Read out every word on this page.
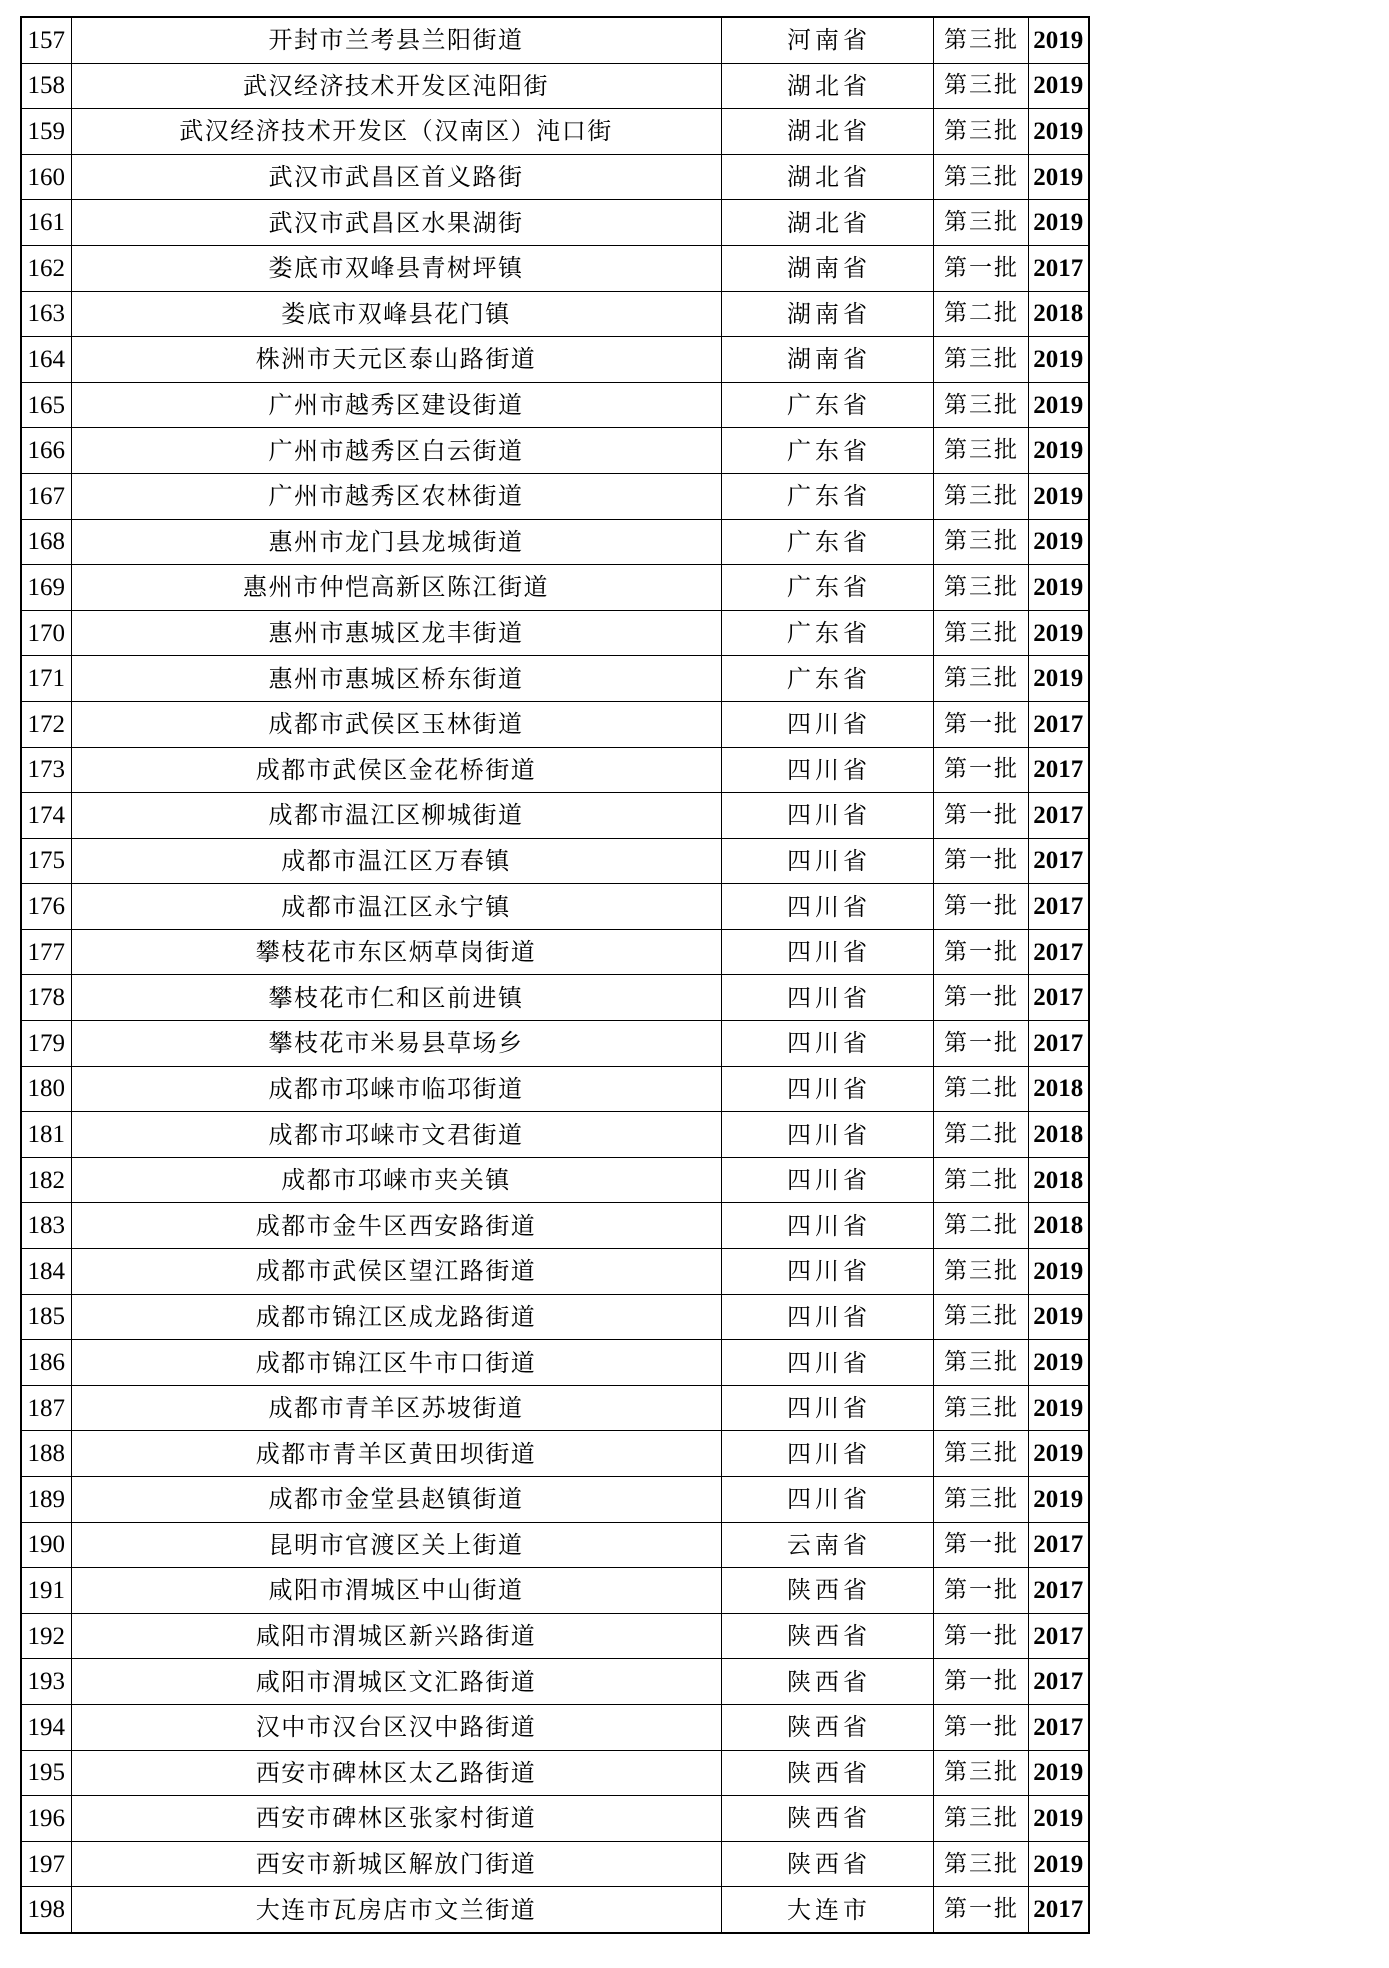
157	开封市兰考县兰阳街道	河南省	第三批	2019
158	武汉经济技术开发区沌阳街	湖北省	第三批	2019
159	武汉经济技术开发区（汉南区）沌口街	湖北省	第三批	2019
160	武汉市武昌区首义路街	湖北省	第三批	2019
161	武汉市武昌区水果湖街	湖北省	第三批	2019
162	娄底市双峰县青树坪镇	湖南省	第一批	2017
163	娄底市双峰县花门镇	湖南省	第二批	2018
164	株洲市天元区泰山路街道	湖南省	第三批	2019
165	广州市越秀区建设街道	广东省	第三批	2019
166	广州市越秀区白云街道	广东省	第三批	2019
167	广州市越秀区农林街道	广东省	第三批	2019
168	惠州市龙门县龙城街道	广东省	第三批	2019
169	惠州市仲恺高新区陈江街道	广东省	第三批	2019
170	惠州市惠城区龙丰街道	广东省	第三批	2019
171	惠州市惠城区桥东街道	广东省	第三批	2019
172	成都市武侯区玉林街道	四川省	第一批	2017
173	成都市武侯区金花桥街道	四川省	第一批	2017
174	成都市温江区柳城街道	四川省	第一批	2017
175	成都市温江区万春镇	四川省	第一批	2017
176	成都市温江区永宁镇	四川省	第一批	2017
177	攀枝花市东区炳草岗街道	四川省	第一批	2017
178	攀枝花市仁和区前进镇	四川省	第一批	2017
179	攀枝花市米易县草场乡	四川省	第一批	2017
180	成都市邛崃市临邛街道	四川省	第二批	2018
181	成都市邛崃市文君街道	四川省	第二批	2018
182	成都市邛崃市夹关镇	四川省	第二批	2018
183	成都市金牛区西安路街道	四川省	第二批	2018
184	成都市武侯区望江路街道	四川省	第三批	2019
185	成都市锦江区成龙路街道	四川省	第三批	2019
186	成都市锦江区牛市口街道	四川省	第三批	2019
187	成都市青羊区苏坡街道	四川省	第三批	2019
188	成都市青羊区黄田坝街道	四川省	第三批	2019
189	成都市金堂县赵镇街道	四川省	第三批	2019
190	昆明市官渡区关上街道	云南省	第一批	2017
191	咸阳市渭城区中山街道	陕西省	第一批	2017
192	咸阳市渭城区新兴路街道	陕西省	第一批	2017
193	咸阳市渭城区文汇路街道	陕西省	第一批	2017
194	汉中市汉台区汉中路街道	陕西省	第一批	2017
195	西安市碑林区太乙路街道	陕西省	第三批	2019
196	西安市碑林区张家村街道	陕西省	第三批	2019
197	西安市新城区解放门街道	陕西省	第三批	2019
198	大连市瓦房店市文兰街道	大连市	第一批	2017
